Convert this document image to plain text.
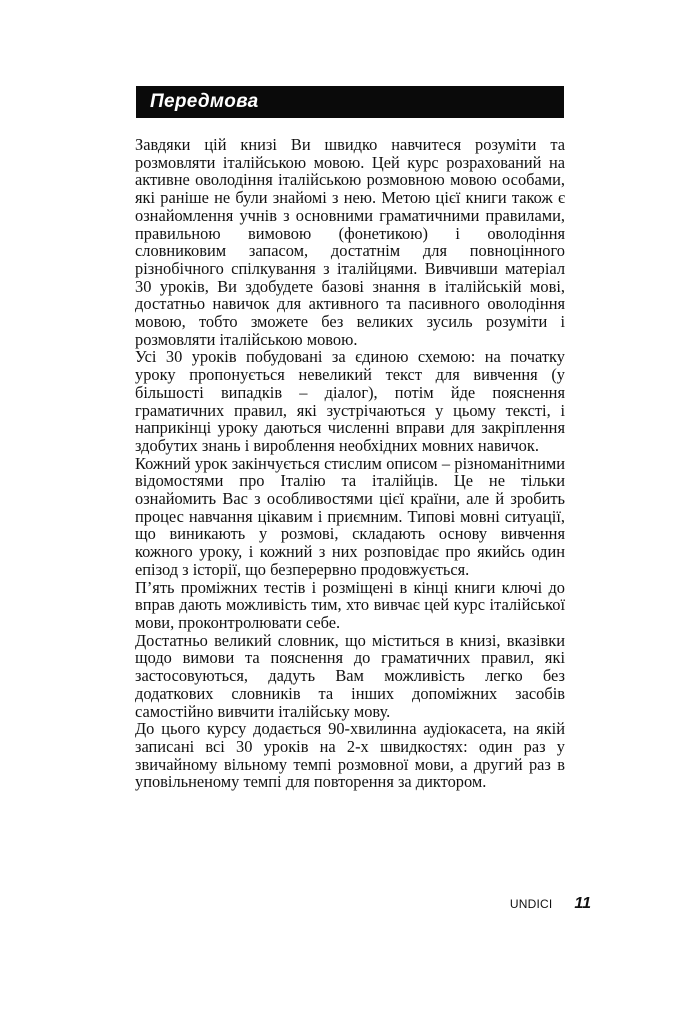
Передмова

Завдяки цій книзі Ви швидко навчитеся розуміти та розмовляти італійською мовою. Цей курс розрахований на активне оволодіння італійською розмовною мовою особами, які раніше не були знайомі з нею. Метою цієї книги також є ознайомлення учнів з основними граматичними правилами, правильною вимовою (фонетикою) і оволодіння словниковим запасом, достатнім для повноцінного різнобічного спілкування з італійцями. Вивчивши матеріал 30 уроків, Ви здобудете базові знання в італійській мові, достатньо навичок для активного та пасивного оволодіння мовою, тобто зможете без великих зусиль розуміти і розмовляти італійською мовою.

Усі 30 уроків побудовані за єдиною схемою: на початку уроку пропонується невеликий текст для вивчення (у більшості випадків – діалог), потім йде пояснення граматичних правил, які зустрічаються у цьому тексті, і наприкінці уроку даються численні вправи для закріплення здобутих знань і вироблення необхідних мовних навичок.

Кожний урок закінчується стислим описом – різноманітними відомостями про Італію та італійців. Це не тільки ознайомить Вас з особливостями цієї країни, але й зробить процес навчання цікавим і приємним. Типові мовні ситуації, що виникають у розмові, складають основу вивчення кожного уроку, і кожний з них розповідає про якийсь один епізод з історії, що безперервно продовжується.

П’ять проміжних тестів і розміщені в кінці книги ключі до вправ дають можливість тим, хто вивчає цей курс італійської мови, проконтролювати себе.

Достатньо великий словник, що міститься в книзі, вказівки щодо вимови та пояснення до граматичних правил, які застосовуються, дадуть Вам можливість легко без додаткових словників та інших допоміжних засобів самостійно вивчити італійську мову.

До цього курсу додається 90-хвилинна аудіокасета, на якій записані всі 30 уроків на 2-х швидкостях: один раз у звичайному вільному темпі розмовної мови, а другий раз в уповільненому темпі для повторення за диктором.

UNDICI 11
